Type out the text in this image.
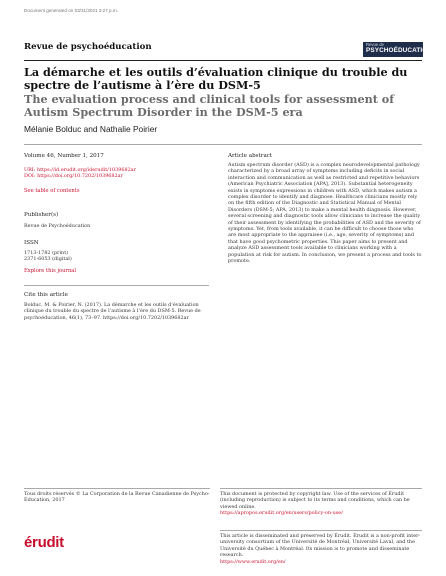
Document generated on 03/31/2021 3:27 p.m.
Revue de psychoéducation	Revue de
PSYCHOÉDUCATION
La démarche et les outils d’évaluation clinique du trouble du spectre de l’autisme à l’ère du DSM-5
The evaluation process and clinical tools for assessment of Autism Spectrum Disorder in the DSM-5 era
Mélanie Bolduc and Nathalie Poirier
Volume 46, Number 1, 2017
URI: https://id.erudit.org/iderudit/1039682ar
DOI: https://doi.org/10.7202/1039682ar
See table of contents
Publisher(s)
Revue de Psychoéducation
ISSN
1713-1782 (print)
2371-6053 (digital)
Explore this journal
Cite this article
Bolduc, M. & Poirier, N. (2017). La démarche et les outils d’évaluation clinique du trouble du spectre de l’autisme à l’ère du DSM-5. Revue de psychoéducation, 46(1), 73–97. https://doi.org/10.7202/1039682ar
Article abstract
Autism spectrum disorder (ASD) is a complex neurodevelopmental pathology characterized by a broad array of symptoms including deficits in social interaction and communication as well as restricted and repetitive behaviors (American Psychiatric Association [APA], 2013). Substantial heterogeneity exists in symptoms expressions in children with ASD, which makes autism a complex disorder to identify and diagnose. Healthcare clinicians mostly rely on the fifth edition of the Diagnostic and Statistical Manual of Mental Disorders (DSM-5; APA, 2013) to make a mental health diagnosis. However, several screening and diagnostic tools allow clinicians to increase the quality of their assessment by identifying the probabilities of ASD and the severity of symptoms. Yet, from tools available, it can be difficult to choose those who are most appropriate to the appraisee (i.e., age, severity of symptoms) and that have good psychometric properties. This paper aims to present and analyze ASD assessment tools available to clinicians working with a population at risk for autism. In conclusion, we present a process and tools to promote.
Tous droits réservés © La Corporation de la Revue Canadienne de Psycho-Éducation, 2017
This document is protected by copyright law. Use of the services of Érudit (including reproduction) is subject to its terms and conditions, which can be viewed online.
https://apropos.erudit.org/en/users/policy-on-use/
érudit	This article is disseminated and preserved by Érudit. Érudit is a non-profit inter-university consortium of the Université de Montréal, Université Laval, and the Université du Québec à Montréal. Its mission is to promote and disseminate research.
https://www.erudit.org/en/
